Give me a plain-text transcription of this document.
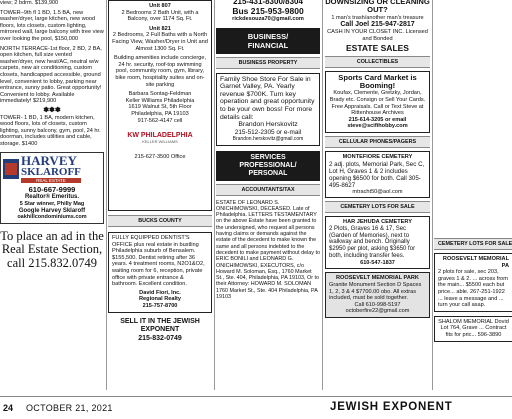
view; 2 bdrm. $139,900

TOWER–9th fl 1 BD, 1.5 BA, new washer/dryer, large kitchen, new wood floors, lots closets, custom lighting, mirrored wall, large balcony with tree view over looking the pool, $150,000

NORTH TERRACE-1st floor, 2 BD, 2 BA, open kitchen, full size vented washer/dryer, new heat/AC, neutral w/w carpets, new air conditioning, custom closets, handicapped accessible, ground level, convenient to lobby, parking near entrance, sunny patio. Great opportunity! Convenient to lobby. Available immediately! $219,900

✽✽✽

TOWER- 1 BD, 1 BA, modern kitchen, wood floors, lots of closets, custom lighting, sunny balcony, gym, pool, 24 hr. doorman, includes utilities and cable, storage. $1400

HARVEY
SKLAROFF
REAL ESTATE

610-667-9999

Realtor® Emeritus.

5 Star winner, Philly Mag

Google Harvey Sklaroff

oakhillcondominiums.com

To place an ad in the Real Estate Section, call 215.832.0749

Unit 807

2 Bedrooms 2 Bath Unit, with a Balcony, over 1174 Sq. Ft.

Unit 821

2 Bedrooms, 2 Full Baths with a North Facing View, Washer/Dryer in Unit and Almost 1300 Sq. Ft.

Building amenities include concierge, 24 hr. security, roof-top swimming pool, community room, gym, library, bike room, hospitality suites and on-site parking

Barbara Sontag-Feldman

Keller Williams Philadelphia

1619 Walnut St, 5th Floor

Philadelphia, PA 19103

917-562-4147 cell

KW PHILADELPHIA
KELLER WILLIAMS

215-627-3500 Office

BUCKS COUNTY

FULLY EQUIPPED DENTIST'S OFFICE plus real estate in bustling Philadelphia suburb of Bensalem. $155,500. Dentist retiring after 36 years. 4 treatment rooms, N2O1&O2, waiting room for 6, reception, private office with private entrance & bathroom. Excellent condition.

David Fiori, Inc.

Regional Realty

215-757-8700

SELL IT IN THE JEWISH EXPONENT

215-832-0749

215-431-8300/8304

Bus 215-953-9800

rickdesouza70@gmail.com

BUSINESS/
FINANCIAL
BUSINESS PROPERTY

Family Shoe Store For Sale in Garnet Valley, PA. Yearly revenue $700K. Turn key operation and great opportunity to be your own boss! For more details call:

Brandon Herskovitz

215-512-2305 or e-mail

Brandon.herskovitz@gmail.com

SERVICES
PROFESSIONAL/
PERSONAL
ACCOUNTANTS/TAX

ESTATE OF LEONARD S. ONICHIMOWSKI, DECEASED. Late of Philadelphia. LETTERS TESTAMENTARY on the above Estate have been granted to the undersigned, who request all persons having claims or demands against the estate of the decedent to make known the same and all persons indebted to the decedent to make payment without delay to ERIC BONILI and LEONARD G. ONICHIMOWSKI, EXECUTORS, c/o Howard M. Soloman, Esq., 1760 Market St., Ste. 404, Philadelphia, PA 19103, Or to their Attorney: HOWARD M. SOLOMAN 1760 Market St., Ste. 404 Philadelphia, PA 19103

DOWNSIZING OR CLEANING OUT?

1 man's trash/another man's treasure

Call Joel 215-947-2817

CASH IN YOUR CLOSET INC. Licensed and Bonded

ESTATE SALES

COLLECTIBLES

Sports Card Market is Booming!

Koufax, Clemente, Gretzky, Jordan, Brady etc. Consign or Sell Your Cards. Free Appraisals. Call or Text Steve at Rittenhouse Archives

215-614-3205 or email

steve@scifihobby.com

CELLULAR PHONES/PAGERS

MONTEFIORE CEMETERY

2 adj. plots, Memorial Park, Sec C, Lot H, Graves 1 & 2 includes opening $6500 for both. Call 305-495-8627

mtracht50@aol.com

CEMETERY LOTS FOR SALE

HAR JEHUDA CEMETERY

2 Plots, Graves 16 & 17, Sec (Garden of Memories), next to walkway and bench. Originally $2950 per plot, asking $3650 for both, including transfer fees.

610-547-1837

ROOSEVELT MEMORIAL PARK

Granite Monument Section D Spaces 1, 2, 3 & 4 $7700.00 obo. All extras included, must be sold together.

Call 610-998-5197

octoberfire22@gmail.com

CEMETERY LOTS FOR SALE

ROOSEVELT MEMORIAL PA

2 plots for sale, sec 203, graves 1 & 2. ... across from the main... $5500 each but price... able. 267-251-1922 ... leave a message and ... turn your call asap.

SHALOM MEMORIAL Dovid Lot 764, Grave ... Contract fits for pric... 596-3890

24 OCTOBER 21, 2021	JEWISH EXPONENT
